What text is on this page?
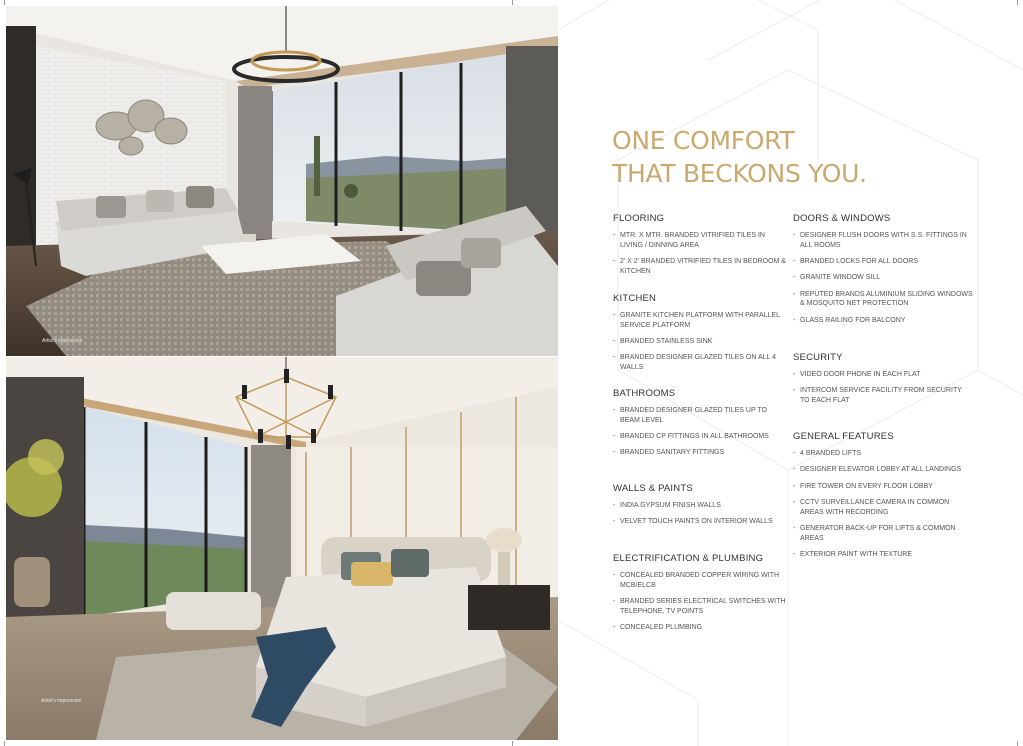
Artist's impression
Artist's impression
ONE COMFORT
THAT BECKONS YOU.
FLOORING
- MTR. X MTR. BRANDED VITRIFIED TILES IN LIVING / DINNING AREA
- 2' X 2' BRANDED VITRIFIED TILES IN BEDROOM & KITCHEN
KITCHEN
- GRANITE KITCHEN PLATFORM WITH PARALLEL SERVICE PLATFORM
- BRANDED STAINLESS SINK
- BRANDED DESIGNER GLAZED TILES ON ALL 4 WALLS
BATHROOMS
- BRANDED DESIGNER GLAZED TILES UP TO BEAM LEVEL
- BRANDED CP FITTINGS IN ALL BATHROOMS
- BRANDED SANITARY FITTINGS
WALLS & PAINTS
- INDIA GYPSUM FINISH WALLS
- VELVET TOUCH PAINTS ON INTERIOR WALLS
ELECTRIFICATION & PLUMBING
- CONCEALED BRANDED COPPER WIRING WITH MCB/ELCB
- BRANDED SERIES ELECTRICAL SWITCHES WITH TELEPHONE, TV POINTS
- CONCEALED PLUMBING
DOORS & WINDOWS
- DESIGNER FLUSH DOORS WITH S.S. FITTINGS IN ALL ROOMS
- BRANDED LOCKS FOR ALL DOORS
- GRANITE WINDOW SILL
- REPUTED BRANDS ALUMINIUM SLIDING WINDOWS & MOSQUITO NET PROTECTION
- GLASS RAILING FOR BALCONY
SECURITY
- VIDEO DOOR PHONE IN EACH FLAT
- INTERCOM SERVICE FACILITY FROM SECURITY TO EACH FLAT
GENERAL FEATURES
- 4 BRANDED LIFTS
- DESIGNER ELEVATOR LOBBY AT ALL LANDINGS
- FIRE TOWER ON EVERY FLOOR LOBBY
- CCTV SURVEILLANCE CAMERA IN COMMON AREAS WITH RECORDING
- GENERATOR BACK-UP FOR LIFTS & COMMON AREAS
- EXTERIOR PAINT WITH TEXTURE
